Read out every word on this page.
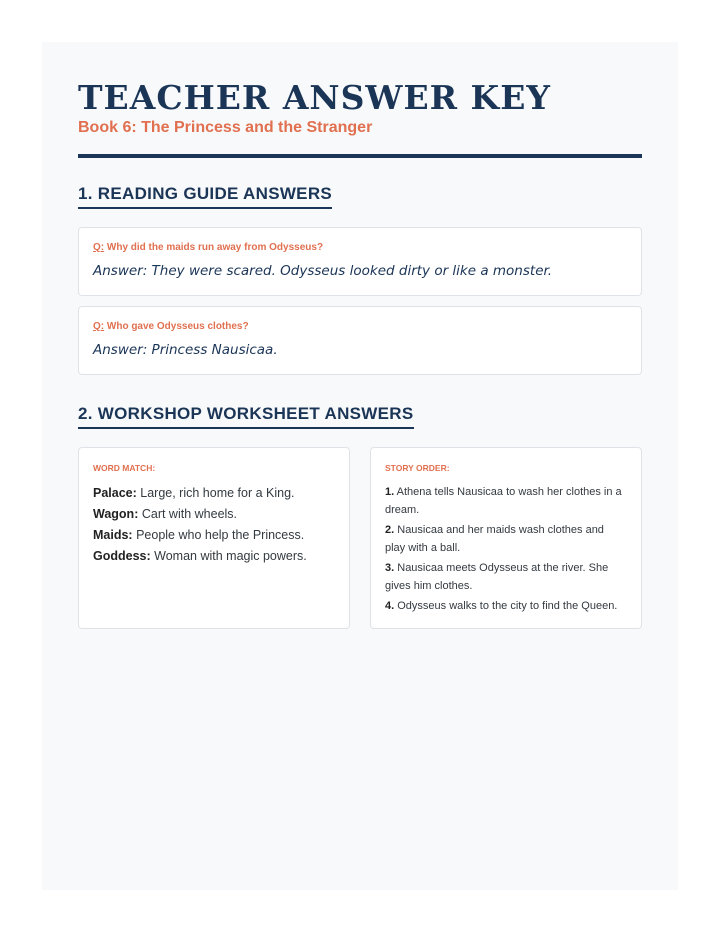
TEACHER ANSWER KEY
Book 6: The Princess and the Stranger
1. READING GUIDE ANSWERS
Q: Why did the maids run away from Odysseus?
Answer: They were scared. Odysseus looked dirty or like a monster.
Q: Who gave Odysseus clothes?
Answer: Princess Nausicaa.
2. WORKSHOP WORKSHEET ANSWERS
WORD MATCH:
Palace: Large, rich home for a King.
Wagon: Cart with wheels.
Maids: People who help the Princess.
Goddess: Woman with magic powers.
STORY ORDER:
1. Athena tells Nausicaa to wash her clothes in a dream.
2. Nausicaa and her maids wash clothes and play with a ball.
3. Nausicaa meets Odysseus at the river. She gives him clothes.
4. Odysseus walks to the city to find the Queen.
